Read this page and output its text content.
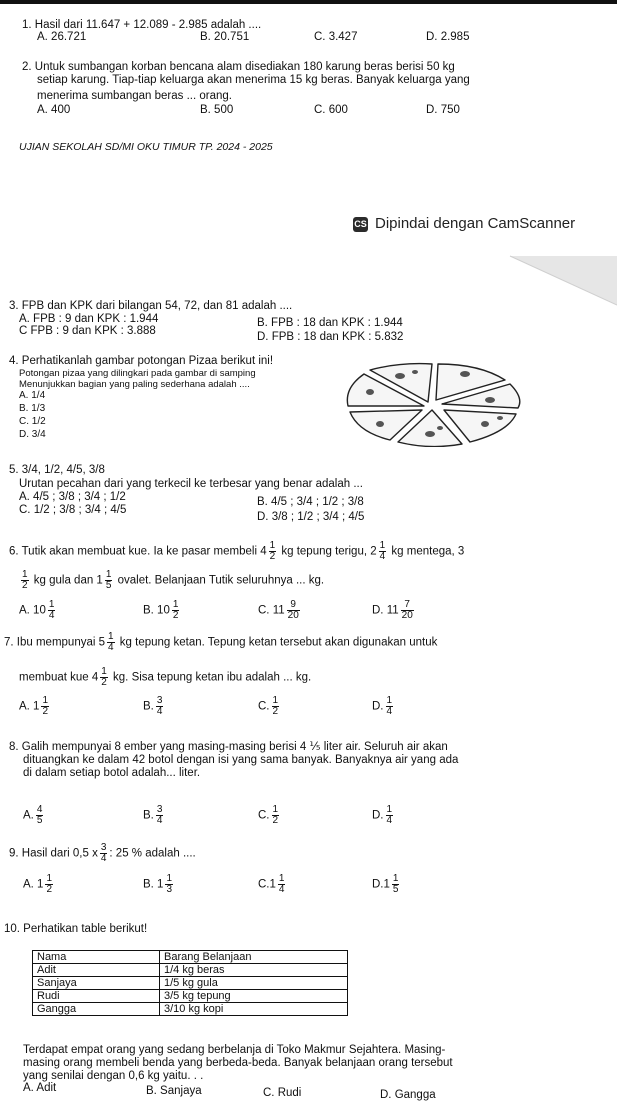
1. Hasil dari 11.647 + 12.089 - 2.985 adalah ....
A. 26.721	B. 20.751	C. 3.427	D. 2.985
2. Untuk sumbangan korban bencana alam disediakan 180 karung beras berisi 50 kg
setiap karung. Tiap-tiap keluarga akan menerima 15 kg beras. Banyak keluarga yang
menerima sumbangan beras ... orang.
A. 400	B. 500	C. 600	D. 750
UJIAN SEKOLAH SD/MI OKU TIMUR TP. 2024 - 2025
CS Dipindai dengan CamScanner
3. FPB dan KPK dari bilangan 54, 72, dan 81 adalah ....
A. FPB : 9 dan KPK : 1.944	B. FPB : 18 dan KPK : 1.944
C FPB : 9 dan KPK : 3.888	D. FPB : 18 dan KPK : 5.832
4. Perhatikanlah gambar potongan Pizaa berikut ini!
Potongan pizaa yang dilingkari pada gambar di samping
Menunjukkan bagian yang paling sederhana adalah ....
A. 1/4
B. 1/3
C. 1/2
D. 3/4
5. 3/4, 1/2, 4/5, 3/8
Urutan pecahan dari yang terkecil ke terbesar yang benar adalah ...
A. 4/5 ; 3/8 ; 3/4 ; 1/2	B. 4/5 ; 3/4 ; 1/2 ; 3/8
C. 1/2 ; 3/8 ; 3/4 ; 4/5
D. 3/8 ; 1/2 ; 3/4 ; 4/5
6. Tutik akan membuat kue. Ia ke pasar membeli $4 \frac{1}{2}$ kg tepung terigu, $2 \frac{1}{4}$ kg mentega, 3
$\frac{1}{2}$ kg gula dan $1 \frac{1}{5}$ ovalet. Belanjaan Tutik seluruhnya ... kg.
A. $10 \frac{1}{4}$	B. $10 \frac{1}{2}$	C. $11 \frac{9}{20}$	D. $11 \frac{7}{20}$
7. Ibu mempunyai $5 \frac{1}{4}$ kg tepung ketan. Tepung ketan tersebut akan digunakan untuk
membuat kue $4 \frac{1}{2}$ kg. Sisa tepung ketan ibu adalah ... kg.
A. $1 \frac{1}{2}$	B. $\frac{3}{4}$	C. $\frac{1}{2}$	D. $\frac{1}{4}$
8. Galih mempunyai 8 ember yang masing-masing berisi 4 ⅕ liter air. Seluruh air akan
dituangkan ke dalam 42 botol dengan isi yang sama banyak. Banyaknya air yang ada
di dalam setiap botol adalah... liter.
A. $\frac{4}{5}$	B. $\frac{3}{4}$	C. $\frac{1}{2}$	D. $\frac{1}{4}$
9. Hasil dari 0,5 x $\frac{3}{4}$ : 25 % adalah ....
A. $1 \frac{1}{2}$	B. $1 \frac{1}{3}$	$C.1 \frac{1}{4}$	$D.1 \frac{1}{5}$
10. Perhatikan table berikut!
Nama	Barang Belanjaan
Adit	1/4 kg beras
Sanjaya	1/5 kg gula
Rudi	3/5 kg tepung
Gangga	3/10 kg kopi
Terdapat empat orang yang sedang berbelanja di Toko Makmur Sejahtera. Masing-
masing orang membeli benda yang berbeda-beda. Banyak belanjaan orang tersebut
yang senilai dengan 0,6 kg yaitu. . .
A. Adit	B. Sanjaya	C. Rudi	D. Gangga
